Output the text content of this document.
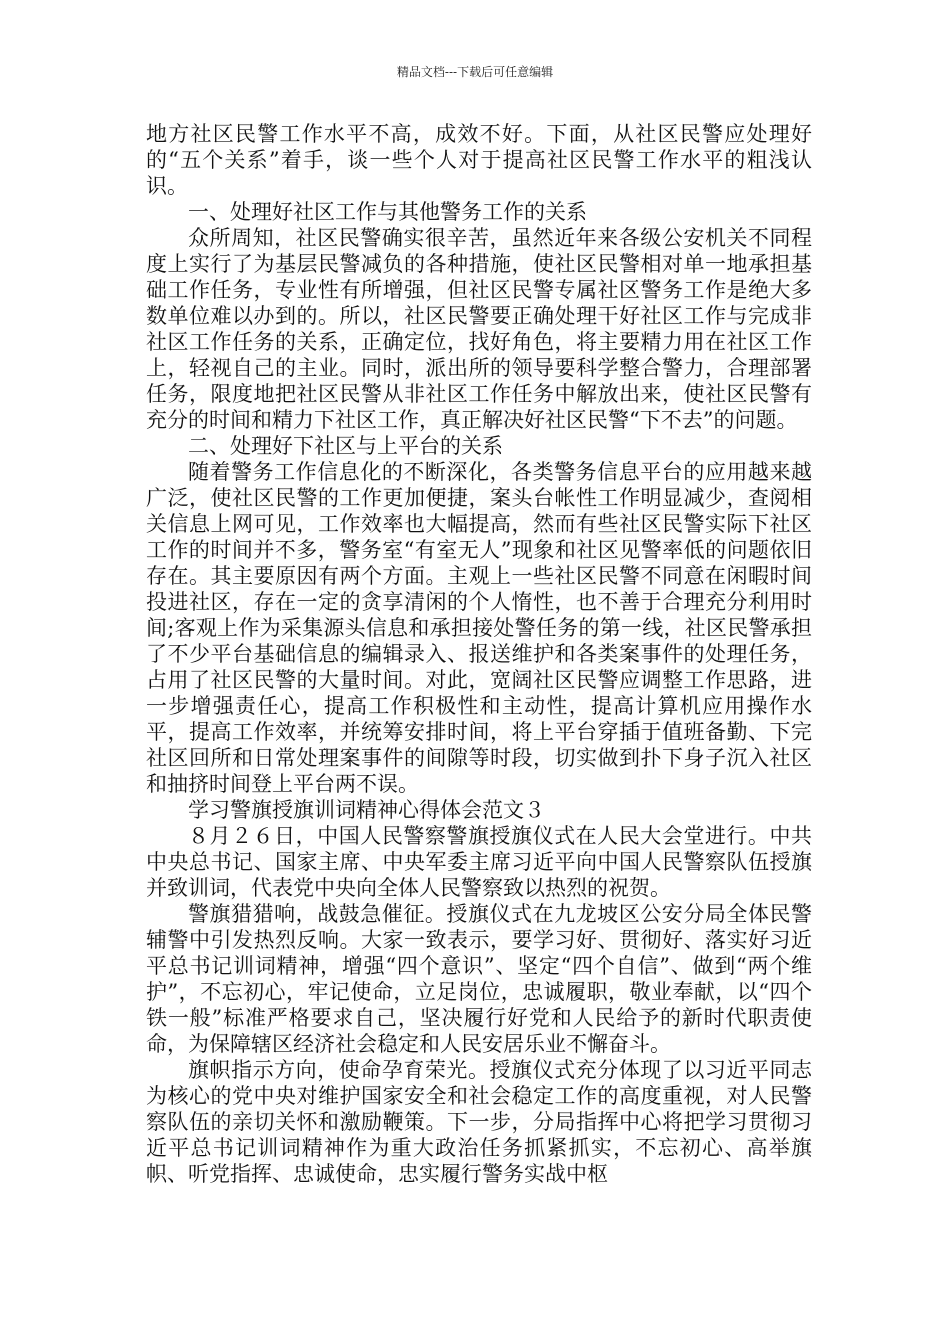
精品文档---下载后可任意编辑

地方社区民警工作水平不高，成效不好。下面，从社区民警应处理好的“五个关系”着手，谈一些个人对于提高社区民警工作水平的粗浅认识。

一、处理好社区工作与其他警务工作的关系

众所周知，社区民警确实很辛苦，虽然近年来各级公安机关不同程度上实行了为基层民警减负的各种措施，使社区民警相对单一地承担基础工作任务，专业性有所增强，但社区民警专属社区警务工作是绝大多数单位难以办到的。所以，社区民警要正确处理干好社区工作与完成非社区工作任务的关系，正确定位，找好角色，将主要精力用在社区工作上，轻视自己的主业。同时，派出所的领导要科学整合警力，合理部署任务，限度地把社区民警从非社区工作任务中解放出来，使社区民警有充分的时间和精力下社区工作，真正解决好社区民警“下不去”的问题。

二、处理好下社区与上平台的关系

随着警务工作信息化的不断深化，各类警务信息平台的应用越来越广泛，使社区民警的工作更加便捷，案头台帐性工作明显减少，查阅相关信息上网可见，工作效率也大幅提高，然而有些社区民警实际下社区工作的时间并不多，警务室“有室无人”现象和社区见警率低的问题依旧存在。其主要原因有两个方面。主观上一些社区民警不同意在闲暇时间投进社区，存在一定的贪享清闲的个人惰性，也不善于合理充分利用时间;客观上作为采集源头信息和承担接处警任务的第一线，社区民警承担了不少平台基础信息的编辑录入、报送维护和各类案事件的处理任务，占用了社区民警的大量时间。对此，宽阔社区民警应调整工作思路，进一步增强责任心，提高工作积极性和主动性，提高计算机应用操作水平，提高工作效率，并统筹安排时间，将上平台穿插于值班备勤、下完社区回所和日常处理案事件的间隙等时段，切实做到扑下身子沉入社区和抽挤时间登上平台两不误。

学习警旗授旗训词精神心得体会范文３

８月２６日，中国人民警察警旗授旗仪式在人民大会堂进行。中共中央总书记、国家主席、中央军委主席习近平向中国人民警察队伍授旗并致训词，代表党中央向全体人民警察致以热烈的祝贺。

警旗猎猎响，战鼓急催征。授旗仪式在九龙坡区公安分局全体民警辅警中引发热烈反响。大家一致表示，要学习好、贯彻好、落实好习近平总书记训词精神，增强“四个意识”、坚定“四个自信”、做到“两个维护”，不忘初心，牢记使命，立足岗位，忠诚履职，敬业奉献，以“四个铁一般”标准严格要求自己，坚决履行好党和人民给予的新时代职责使命，为保障辖区经济社会稳定和人民安居乐业不懈奋斗。

旗帜指示方向，使命孕育荣光。授旗仪式充分体现了以习近平同志为核心的党中央对维护国家安全和社会稳定工作的高度重视，对人民警察队伍的亲切关怀和激励鞭策。下一步，分局指挥中心将把学习贯彻习近平总书记训词精神作为重大政治任务抓紧抓实，不忘初心、高举旗帜、听党指挥、忠诚使命，忠实履行警务实战中枢
